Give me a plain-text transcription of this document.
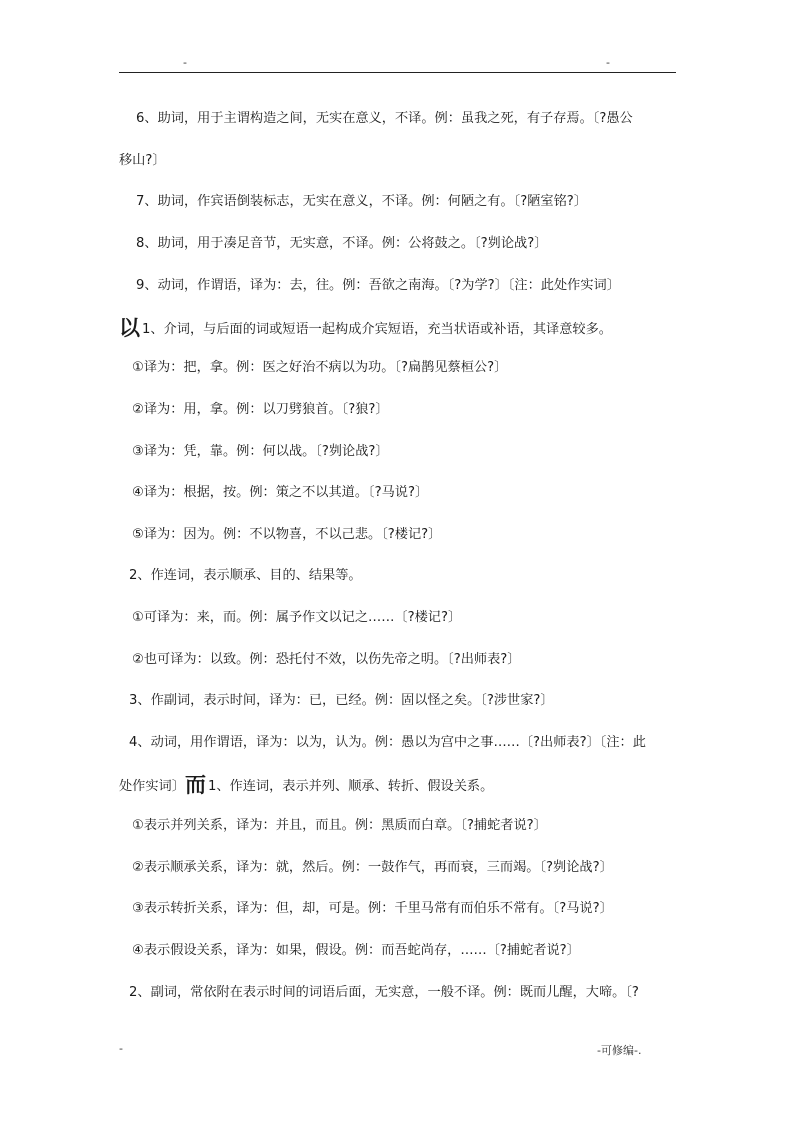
-	-
6、助词，用于主谓构造之间，无实在意义，不译。例：虽我之死，有子存焉。〔?愚公
移山?〕
7、助词，作宾语倒装标志，无实在意义，不译。例：何陋之有。〔?陋室铭?〕
8、助词，用于凑足音节，无实意，不译。例：公将鼓之。〔?刿论战?〕
9、动词，作谓语，译为：去，往。例：吾欲之南海。〔?为学?〕〔注：此处作实词〕
以 1、介词，与后面的词或短语一起构成介宾短语，充当状语或补语，其译意较多。
①译为：把，拿。例：医之好治不病以为功。〔?扁鹊见蔡桓公?〕
②译为：用，拿。例：以刀劈狼首。〔?狼?〕
③译为：凭，靠。例：何以战。〔?刿论战?〕
④译为：根据，按。例：策之不以其道。〔?马说?〕
⑤译为：因为。例：不以物喜，不以己悲。〔?楼记?〕
2、作连词，表示顺承、目的、结果等。
①可译为：来，而。例：属予作文以记之……〔?楼记?〕
②也可译为：以致。例：恐托付不效，以伤先帝之明。〔?出师表?〕
3、作副词，表示时间，译为：已，已经。例：固以怪之矣。〔?涉世家?〕
4、动词，用作谓语，译为：以为，认为。例：愚以为宫中之事……〔?出师表?〕〔注：此
处作实词〕而 1、作连词，表示并列、顺承、转折、假设关系。
①表示并列关系，译为：并且，而且。例：黑质而白章。〔?捕蛇者说?〕
②表示顺承关系，译为：就，然后。例：一鼓作气，再而衰，三而竭。〔?刿论战?〕
③表示转折关系，译为：但，却，可是。例：千里马常有而伯乐不常有。〔?马说?〕
④表示假设关系，译为：如果，假设。例：而吾蛇尚存，……〔?捕蛇者说?〕
2、副词，常依附在表示时间的词语后面，无实意，一般不译。例：既而儿醒，大啼。〔?
-	-可修编-.
